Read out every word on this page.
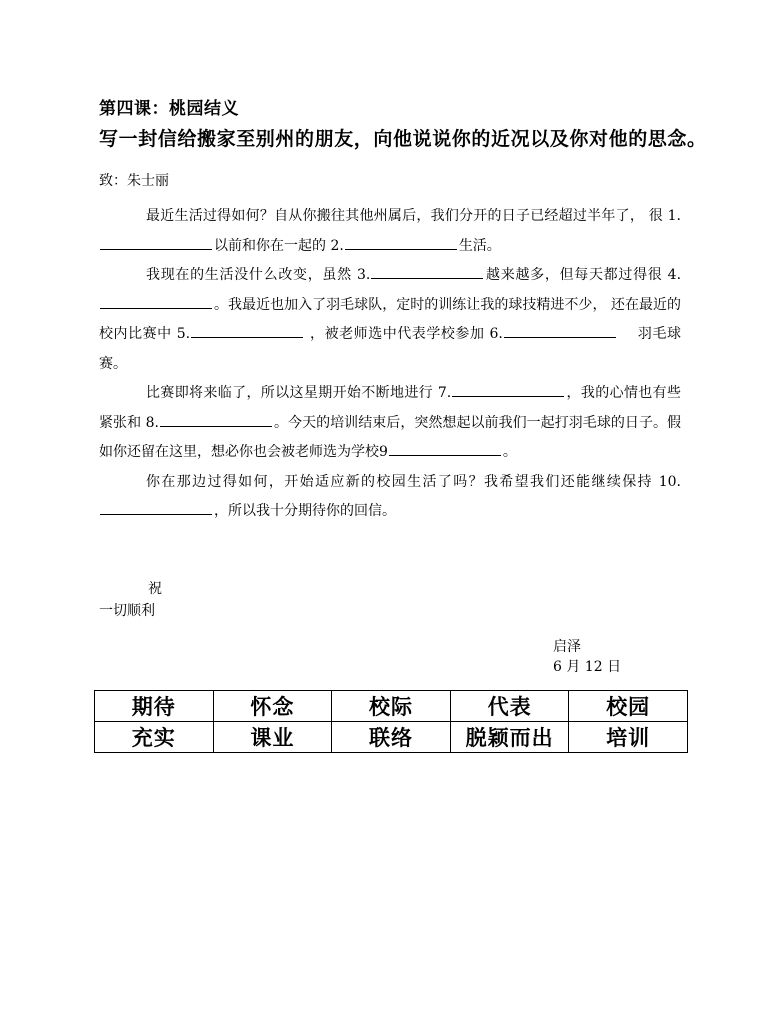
第四课：桃园结义
写一封信给搬家至别州的朋友，向他说说你的近况以及你对他的思念。
致：朱士丽

最近生活过得如何？自从你搬往其他州属后，我们分开的日子已经超过半年了， 很 1.以前和你在一起的 2.	生活。

我现在的生活没什么改变，虽然 3.	越来越多，但每天都过得很 4.。我最近也加入了羽毛球队，定时的训练让我的球技精进不少， 还在最近的校内比赛中 5.	，被老师选中代表学校参加 6.	　 羽毛球赛。

比赛即将来临了，所以这星期开始不断地进行 7.	，我的心情也有些紧张和 8.	。今天的培训结束后，突然想起以前我们一起打羽毛球的日子。假如你还留在这里，想必你也会被老师选为学校9	。

你在那边过得如何，开始适应新的校园生活了吗？我希望我们还能继续保持 10.，所以我十分期待你的回信。

祝
一切顺利
启泽
6 月 12 日
期待	怀念	校际	代表	校园
充实	课业	联络	脱颖而出	培训
